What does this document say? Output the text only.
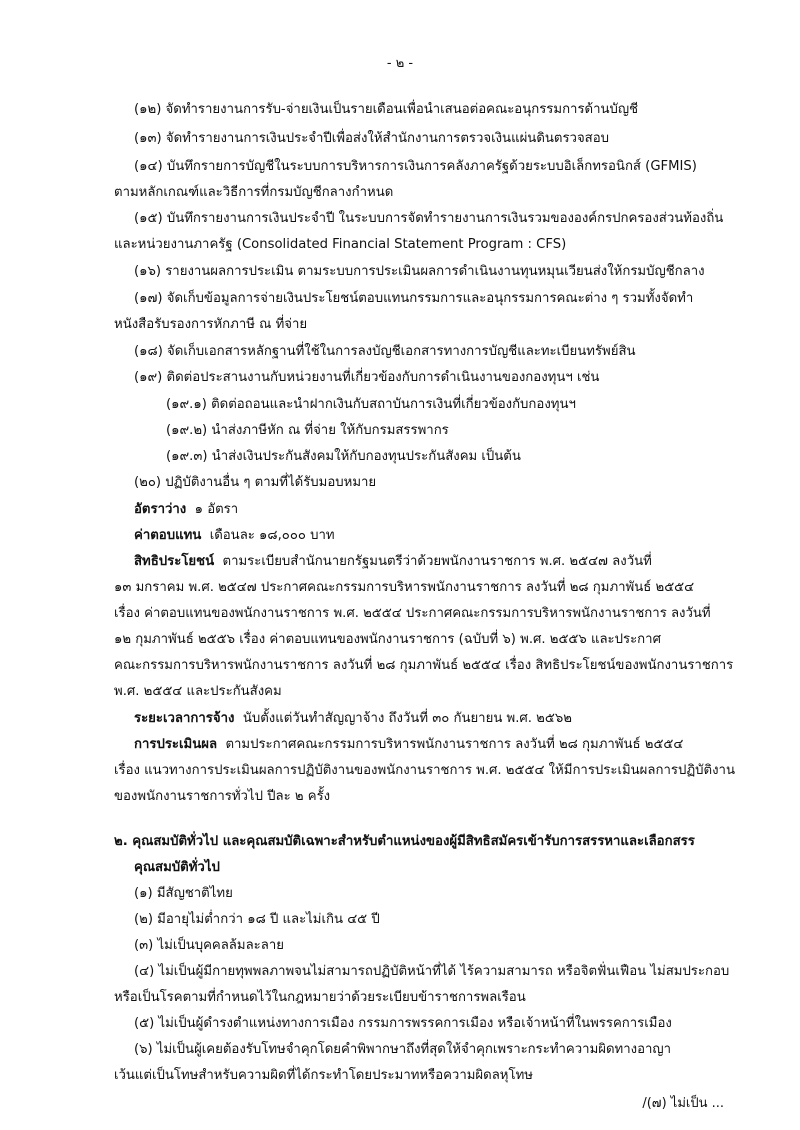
- ๒ -
(๑๒) จัดทำรายงานการรับ-จ่ายเงินเป็นรายเดือนเพื่อนำเสนอต่อคณะอนุกรรมการด้านบัญชี
(๑๓) จัดทำรายงานการเงินประจำปีเพื่อส่งให้สำนักงานการตรวจเงินแผ่นดินตรวจสอบ
(๑๔) บันทึกรายการบัญชีในระบบการบริหารการเงินการคลังภาครัฐด้วยระบบอิเล็กทรอนิกส์ (GFMIS)
ตามหลักเกณฑ์และวิธีการที่กรมบัญชีกลางกำหนด
(๑๕) บันทึกรายงานการเงินประจำปี ในระบบการจัดทำรายงานการเงินรวมขององค์กรปกครองส่วนท้องถิ่น
และหน่วยงานภาครัฐ (Consolidated Financial Statement Program : CFS)
(๑๖) รายงานผลการประเมิน ตามระบบการประเมินผลการดำเนินงานทุนหมุนเวียนส่งให้กรมบัญชีกลาง
(๑๗) จัดเก็บข้อมูลการจ่ายเงินประโยชน์ตอบแทนกรรมการและอนุกรรมการคณะต่าง ๆ รวมทั้งจัดทำ
หนังสือรับรองการหักภาษี ณ ที่จ่าย
(๑๘) จัดเก็บเอกสารหลักฐานที่ใช้ในการลงบัญชีเอกสารทางการบัญชีและทะเบียนทรัพย์สิน
(๑๙) ติดต่อประสานงานกับหน่วยงานที่เกี่ยวข้องกับการดำเนินงานของกองทุนฯ เช่น
(๑๙.๑) ติดต่อถอนและนำฝากเงินกับสถาบันการเงินที่เกี่ยวข้องกับกองทุนฯ
(๑๙.๒) นำส่งภาษีหัก ณ ที่จ่าย ให้กับกรมสรรพากร
(๑๙.๓) นำส่งเงินประกันสังคมให้กับกองทุนประกันสังคม เป็นต้น
(๒๐) ปฏิบัติงานอื่น ๆ ตามที่ได้รับมอบหมาย
อัตราว่าง ๑ อัตรา
ค่าตอบแทน เดือนละ ๑๘,๐๐๐ บาท
สิทธิประโยชน์ ตามระเบียบสำนักนายกรัฐมนตรีว่าด้วยพนักงานราชการ พ.ศ. ๒๕๔๗ ลงวันที่
๑๓ มกราคม พ.ศ. ๒๕๔๗ ประกาศคณะกรรมการบริหารพนักงานราชการ ลงวันที่ ๒๘ กุมภาพันธ์ ๒๕๕๔
เรื่อง ค่าตอบแทนของพนักงานราชการ พ.ศ. ๒๕๕๔ ประกาศคณะกรรมการบริหารพนักงานราชการ ลงวันที่
๑๒ กุมภาพันธ์ ๒๕๕๖ เรื่อง ค่าตอบแทนของพนักงานราชการ (ฉบับที่ ๖) พ.ศ. ๒๕๕๖ และประกาศ
คณะกรรมการบริหารพนักงานราชการ ลงวันที่ ๒๘ กุมภาพันธ์ ๒๕๕๔ เรื่อง สิทธิประโยชน์ของพนักงานราชการ
พ.ศ. ๒๕๕๔ และประกันสังคม
ระยะเวลาการจ้าง นับตั้งแต่วันทำสัญญาจ้าง ถึงวันที่ ๓๐ กันยายน พ.ศ. ๒๕๖๒
การประเมินผล ตามประกาศคณะกรรมการบริหารพนักงานราชการ ลงวันที่ ๒๘ กุมภาพันธ์ ๒๕๕๔
เรื่อง แนวทางการประเมินผลการปฏิบัติงานของพนักงานราชการ พ.ศ. ๒๕๕๔ ให้มีการประเมินผลการปฏิบัติงาน
ของพนักงานราชการทั่วไป ปีละ ๒ ครั้ง
๒. คุณสมบัติทั่วไป และคุณสมบัติเฉพาะสำหรับตำแหน่งของผู้มีสิทธิสมัครเข้ารับการสรรหาและเลือกสรร
คุณสมบัติทั่วไป
(๑) มีสัญชาติไทย
(๒) มีอายุไม่ต่ำกว่า ๑๘ ปี และไม่เกิน ๔๕ ปี
(๓) ไม่เป็นบุคคลล้มละลาย
(๔) ไม่เป็นผู้มีกายทุพพลภาพจนไม่สามารถปฏิบัติหน้าที่ได้ ไร้ความสามารถ หรือจิตฟั่นเฟือน ไม่สมประกอบ
หรือเป็นโรคตามที่กำหนดไว้ในกฎหมายว่าด้วยระเบียบข้าราชการพลเรือน
(๕) ไม่เป็นผู้ดำรงตำแหน่งทางการเมือง กรรมการพรรคการเมือง หรือเจ้าหน้าที่ในพรรคการเมือง
(๖) ไม่เป็นผู้เคยต้องรับโทษจำคุกโดยคำพิพากษาถึงที่สุดให้จำคุกเพราะกระทำความผิดทางอาญา
เว้นแต่เป็นโทษสำหรับความผิดที่ได้กระทำโดยประมาทหรือความผิดลหุโทษ
/(๗) ไม่เป็น ...
